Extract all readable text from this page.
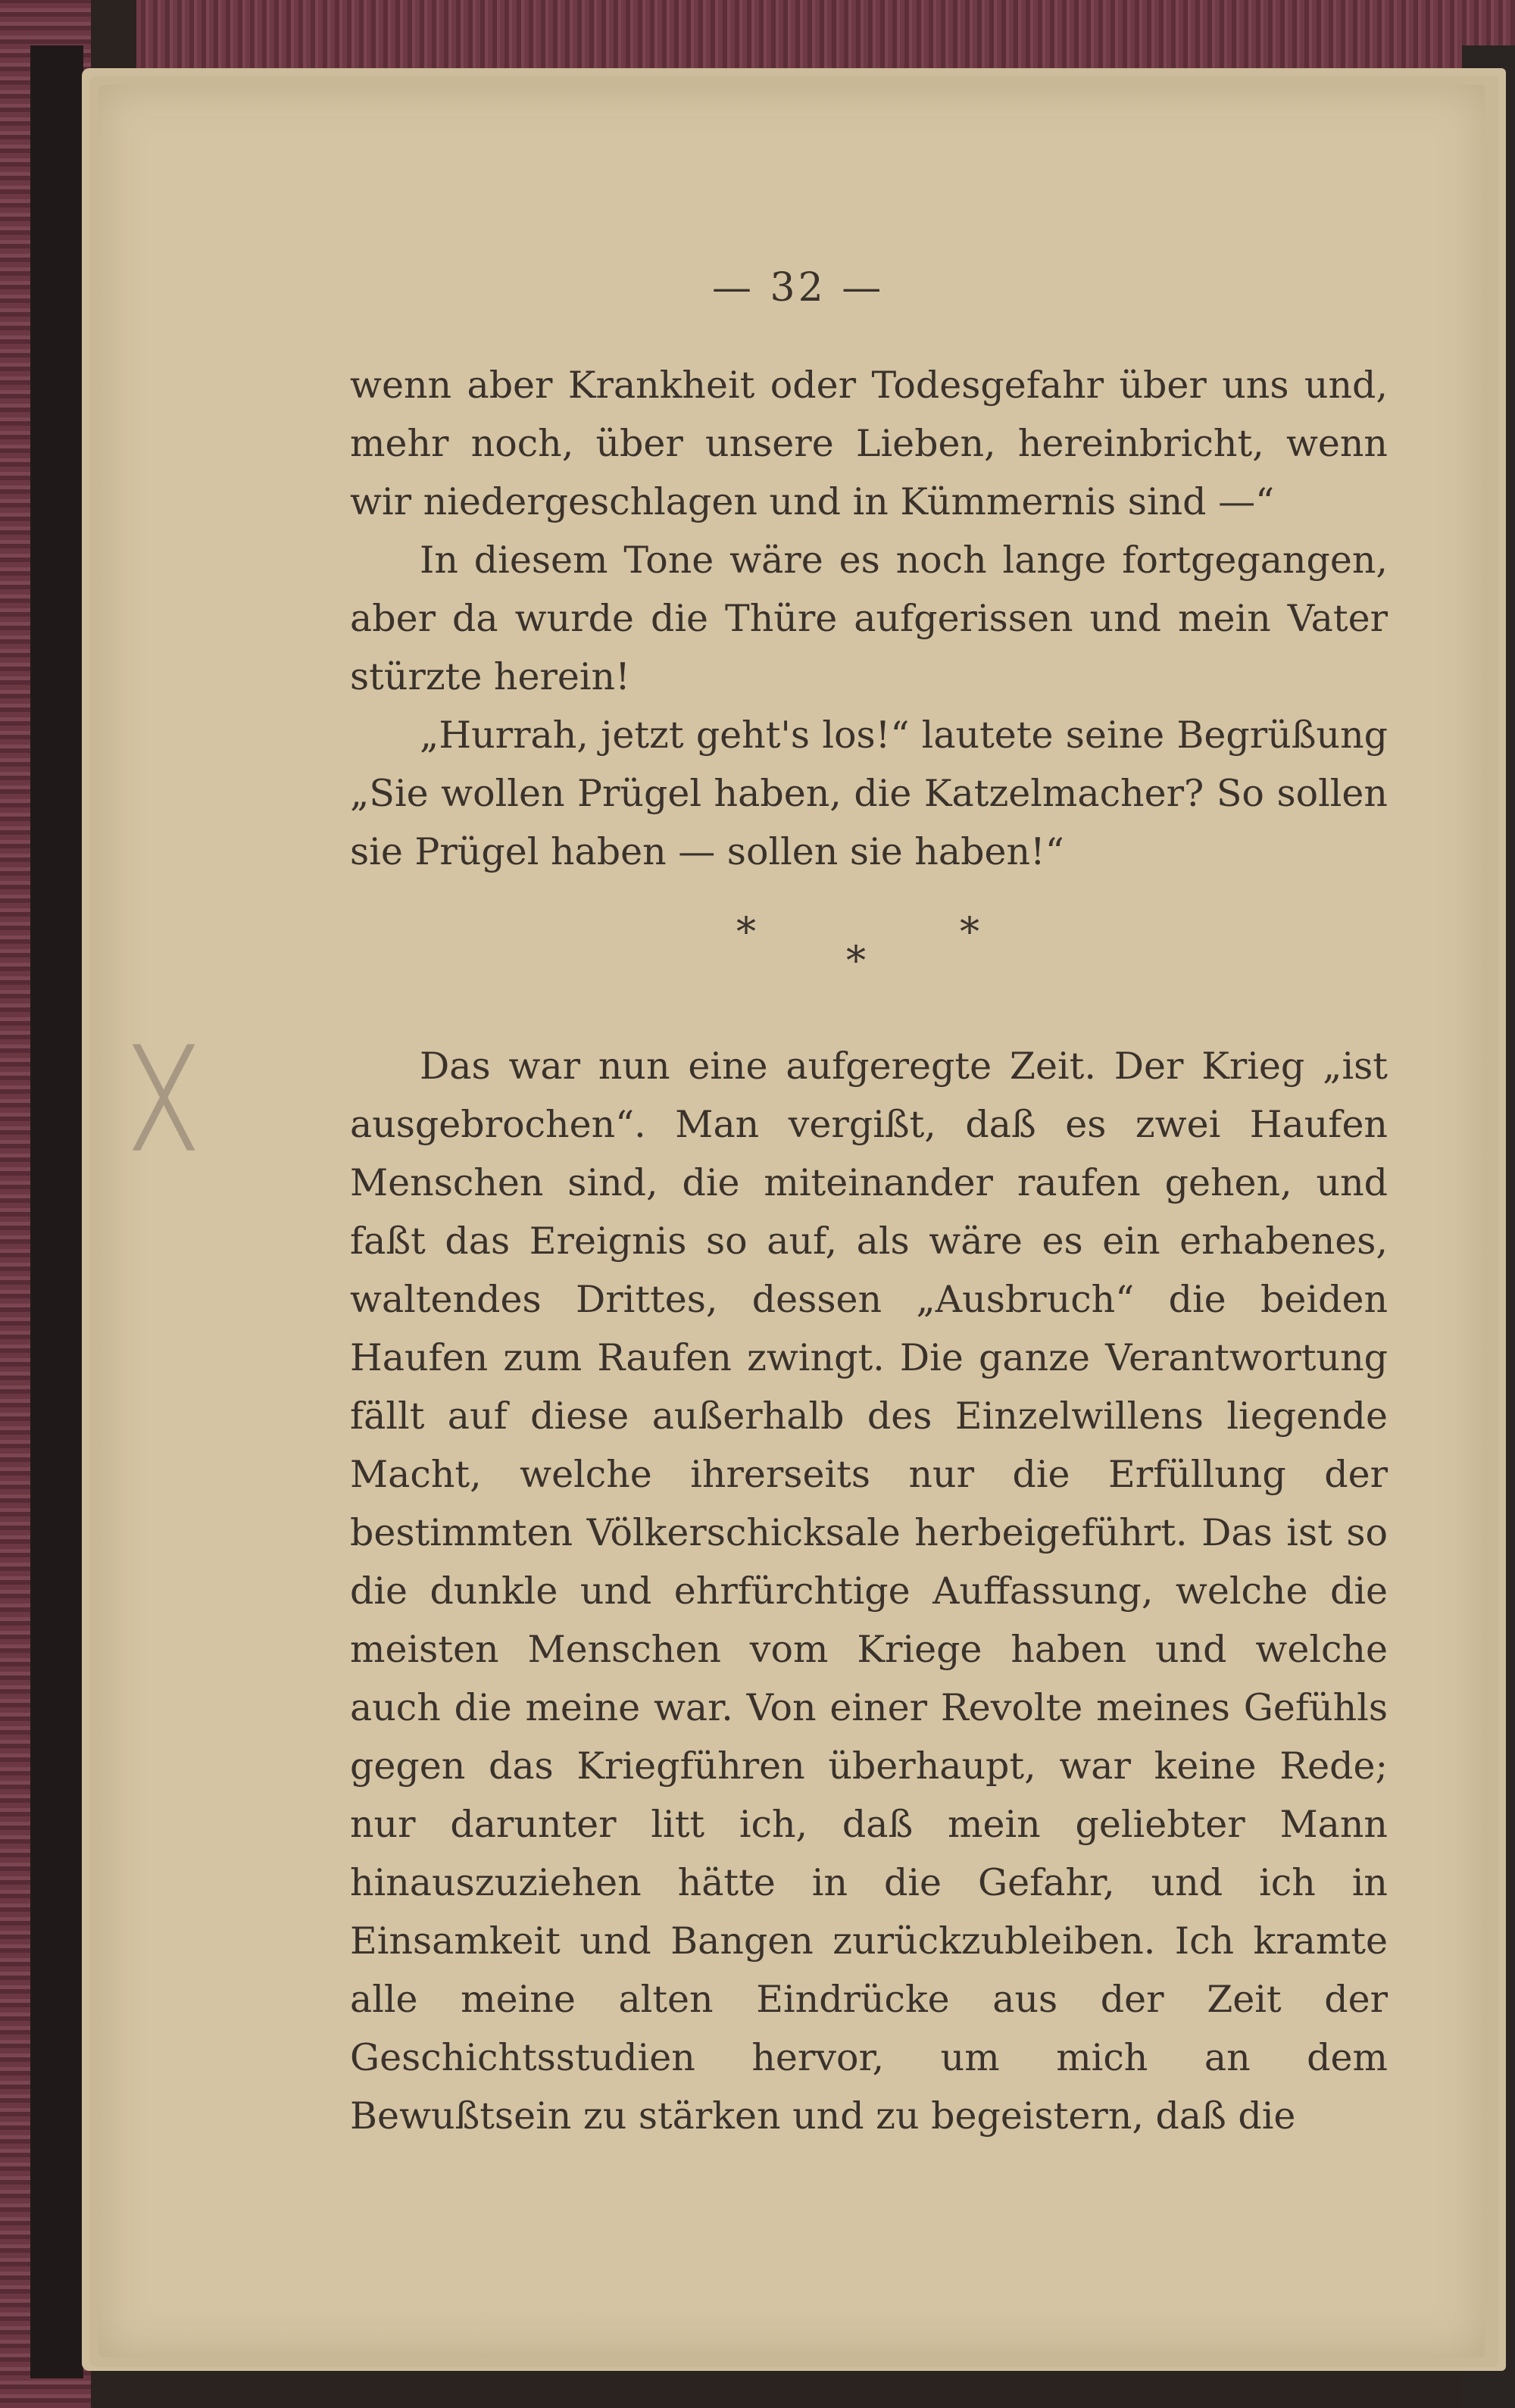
— 32 —
╳

wenn aber Krankheit oder Todesgefahr über uns und, mehr noch, über unsere Lieben, hereinbricht, wenn wir niedergeschlagen und in Kümmernis sind —“

In diesem Tone wäre es noch lange fortgegangen, aber da wurde die Thüre aufgerissen und mein Vater stürzte herein!

„Hurrah, jetzt geht's los!“ lautete seine Begrüßung „Sie wollen Prügel haben, die Katzelmacher? So sollen sie Prügel haben — sollen sie haben!“

*	*
*

Das war nun eine aufgeregte Zeit. Der Krieg „ist ausgebrochen“. Man vergißt, daß es zwei Haufen Menschen sind, die miteinander raufen gehen, und faßt das Ereignis so auf, als wäre es ein erhabenes, waltendes Drittes, dessen „Ausbruch“ die beiden Haufen zum Raufen zwingt. Die ganze Verantwortung fällt auf diese außerhalb des Einzelwillens liegende Macht, welche ihrerseits nur die Erfüllung der bestimmten Völkerschicksale herbeigeführt. Das ist so die dunkle und ehrfürchtige Auffassung, welche die meisten Menschen vom Kriege haben und welche auch die meine war. Von einer Revolte meines Gefühls gegen das Kriegführen überhaupt, war keine Rede; nur darunter litt ich, daß mein geliebter Mann hinauszuziehen hätte in die Gefahr, und ich in Einsamkeit und Bangen zurückzubleiben. Ich kramte alle meine alten Eindrücke aus der Zeit der Geschichtsstudien hervor, um mich an dem Bewußtsein zu stärken und zu begeistern, daß die
